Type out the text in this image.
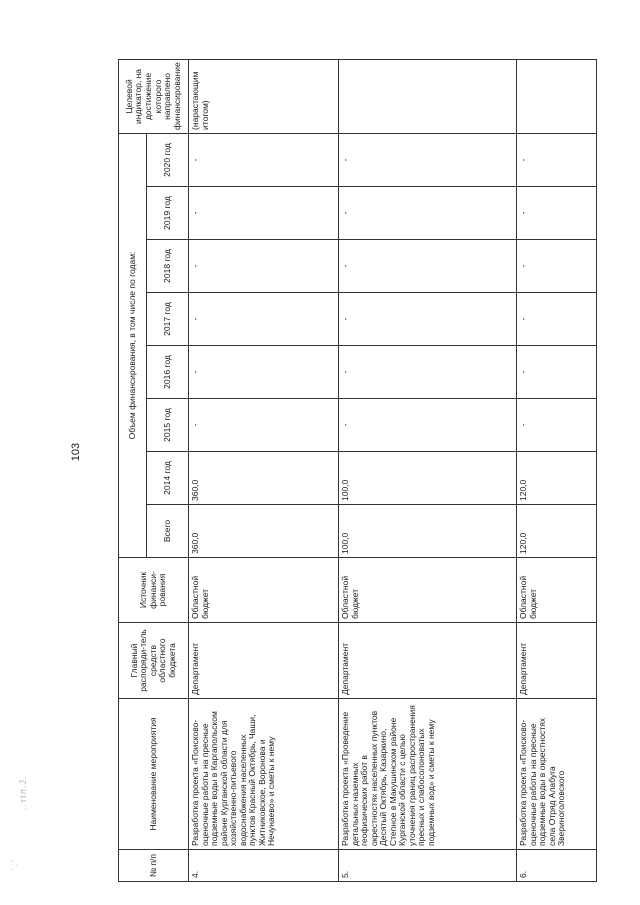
103
..тtл.J.
' , '	№ п/п	Наименование мероприятия	Главный распоряди-тель средств областного бюджета	Источник финанси-рования	Объем финансирования, в том числе по годам:								Целевой индикатор, на достижение которого направлено финансирование
				Всего	2014 год	2015 год	2016 год	2017 год	2018 год	2019 год	2020 год	
4.	Разработка проекта «Поисково-оценочные работы на пресные подземные воды в Каргапольском районе Курганской области для хозяйственно-питьевого водоснабжения населенных пунктов Красный Октябрь, Чаши, Житниковское, Воронова и Нечунаевo» и сметы к нему	Департамент	Областной бюджет	360,0	360,0	-	-	-	-	-	-	(нарастающим итогом)
5.	Разработка проекта «Проведение детальных наземных геофизических работ в окрестностях населенных пунктов Десятый Октябрь, Казаркино, Степное в Макушинском районе Курганской области с целью уточнения границ распространения пресных и слабосолоноватых подземных вод» и сметы к нему	Департамент	Областной бюджет	100,0	100,0	-	-	-	-	-	-	
6.	Разработка проекта «Поисково-оценочные работы на пресные подземные воды в окрестностях села Отряд Алабуга Звериноголовского	Департамент	Областной бюджет	120,0	120,0	-	-	-	-	-	-	
